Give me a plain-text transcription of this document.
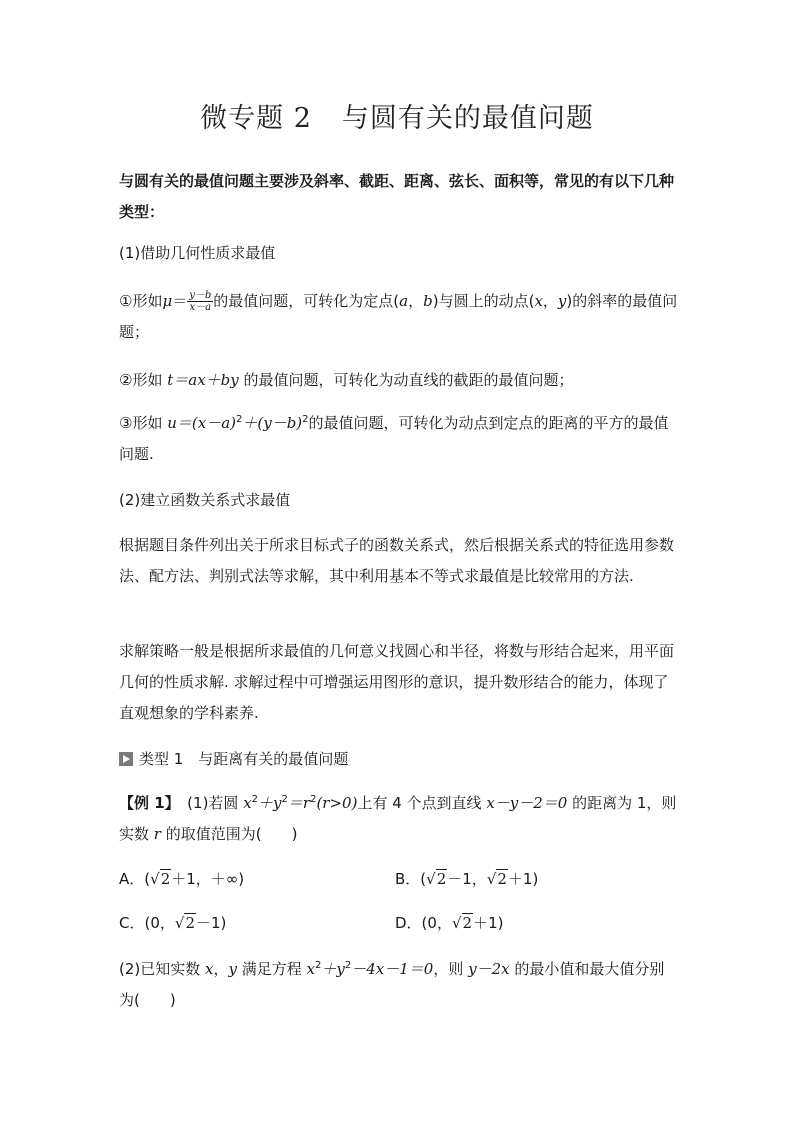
微专题 2 与圆有关的最值问题
与圆有关的最值问题主要涉及斜率、截距、距离、弦长、面积等，常见的有以下几种类型：
(1)借助几何性质求最值
①形如$\mu= \frac{y-b}{x-a}$ 的最值问题，可转化为定点(a，b)与圆上的动点(x，y)的斜率的最值问题；
②形如 t＝ax＋by 的最值问题，可转化为动直线的截距的最值问题；
③形如 $u=(x-a)^2+(y-b)^2$的最值问题，可转化为动点到定点的距离的平方的最值问题.
(2)建立函数关系式求最值
根据题目条件列出关于所求目标式子的函数关系式，然后根据关系式的特征选用参数法、配方法、判别式法等求解，其中利用基本不等式求最值是比较常用的方法.
求解策略一般是根据所求最值的几何意义找圆心和半径，将数与形结合起来，用平面几何的性质求解. 求解过程中可增强运用图形的意识，提升数形结合的能力，体现了直观想象的学科素养.
类型 1　与距离有关的最值问题
【例 1】　(1)若圆 $x^2+y^2=r^2(r>0)$上有 4 个点到直线 x－y－2＝0 的距离为 1，则实数 r 的取值范围为(　　)
A．(√2＋1，＋∞)	B．(√2－1，√2＋1)
C．(0，√2－1)	D．(0，√2＋1)
(2)已知实数 x，y 满足方程 $x^2+y^2-4x-1=0$，则 y－2x 的最小值和最大值分别为(　　)
